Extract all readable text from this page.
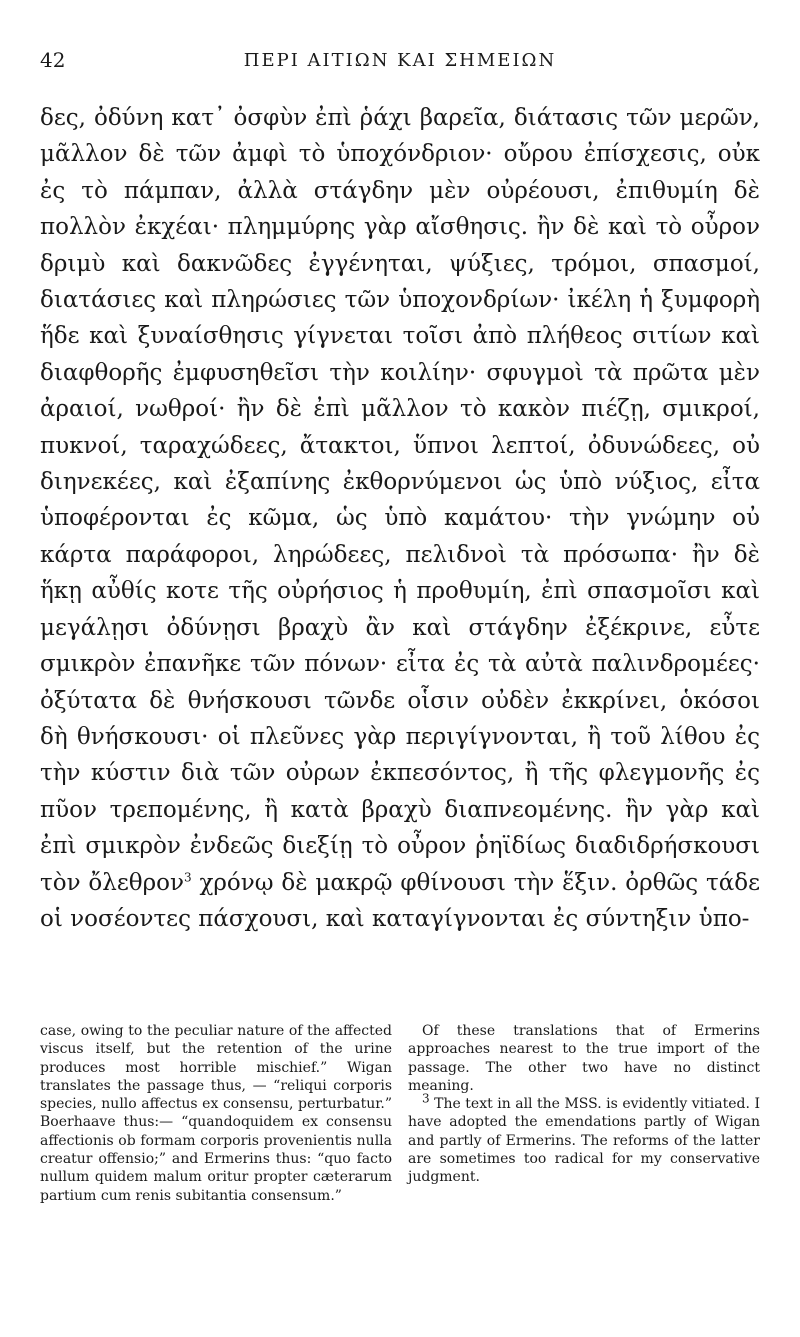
42	ΠΕΡΙ ΑΙΤΙΩΝ ΚΑΙ ΣΗΜΕΙΩΝ

δες, ὀδύνη κατ᾽ ὀσφὺν ἐπὶ ῥάχι βαρεῖα, διάτασις τῶν μερῶν, μᾶλλον δὲ τῶν ἀμφὶ τὸ ὑποχόνδριον· οὔρου ἐπίσχεσις, οὐκ ἐς τὸ πάμπαν, ἀλλὰ στάγδην μὲν οὐρέουσι, ἐπιθυμίη δὲ πολλὸν ἐκχέαι· πλημμύρης γὰρ αἴσθησις. ἢν δὲ καὶ τὸ οὖρον δριμὺ καὶ δακνῶδες ἐγγένηται, ψύξιες, τρόμοι, σπασμοί, διατάσιες καὶ πληρώσιες τῶν ὑποχονδρίων· ἰκέλη ἡ ξυμφορὴ ἥδε καὶ ξυναίσθησις γίγνεται τοῖσι ἀπὸ πλήθεος σιτίων καὶ διαφθορῆς ἐμφυσηθεῖσι τὴν κοιλίην· σφυγμοὶ τὰ πρῶτα μὲν ἀραιοί, νωθροί· ἢν δὲ ἐπὶ μᾶλλον τὸ κακὸν πιέζῃ, σμικροί, πυκνοί, ταραχώδεες, ἄτακτοι, ὕπνοι λεπτοί, ὀδυνώδεες, οὐ διηνεκέες, καὶ ἐξαπίνης ἐκθορνύμενοι ὡς ὑπὸ νύξιος, εἶτα ὑποφέρονται ἐς κῶμα, ὡς ὑπὸ καμάτου· τὴν γνώμην οὐ κάρτα παράφοροι, ληρώδεες, πελιδνοὶ τὰ πρόσωπα· ἢν δὲ ἥκῃ αὖθίς κοτε τῆς οὐρήσιος ἡ προθυμίη, ἐπὶ σπασμοῖσι καὶ μεγάλῃσι ὀδύνῃσι βραχὺ ἂν καὶ στάγδην ἐξέκρινε, εὖτε σμικρὸν ἐπανῆκε τῶν πόνων· εἶτα ἐς τὰ αὐτὰ παλινδρομέες· ὀξύτατα δὲ θνήσκουσι τῶνδε οἷσιν οὐδὲν ἐκκρίνει, ὁκόσοι δὴ θνήσκουσι· οἱ πλεῦνες γὰρ περιγίγνονται, ἢ τοῦ λίθου ἐς τὴν κύστιν διὰ τῶν οὐρων ἐκπεσόντος, ἢ τῆς φλεγμονῆς ἐς πῦον τρεπομένης, ἢ κατὰ βραχὺ διαπνεομένης. ἢν γὰρ καὶ ἐπὶ σμικρὸν ἐνδεῶς διεξίῃ τὸ οὖρον ῥηϊδίως διαδιδρήσκουσι τὸν ὄλεθρον$^3$ χρόνῳ δὲ μακρῷ φθίνουσι τὴν ἕξιν. ὀρθῶς τάδε οἱ νοσέοντες πάσχουσι, καὶ καταγίγνονται ἐς σύντηξιν ὑπο-

case, owing to the peculiar nature of the affected viscus itself, but the retention of the urine produces most horrible mischief.” Wigan translates the passage thus, — “reliqui corporis species, nullo affectus ex consensu, perturbatur.” Boerhaave thus:— “quandoquidem ex consensu affectionis ob formam corporis provenientis nulla creatur offensio;” and Ermerins thus: “quo facto nullum quidem malum oritur propter cæterarum partium cum renis subitantia consensum.”

Of these translations that of Ermerins approaches nearest to the true import of the passage. The other two have no distinct meaning.

$^3$ The text in all the MSS. is evidently vitiated. I have adopted the emendations partly of Wigan and partly of Ermerins. The reforms of the latter are sometimes too radical for my conservative judgment.
